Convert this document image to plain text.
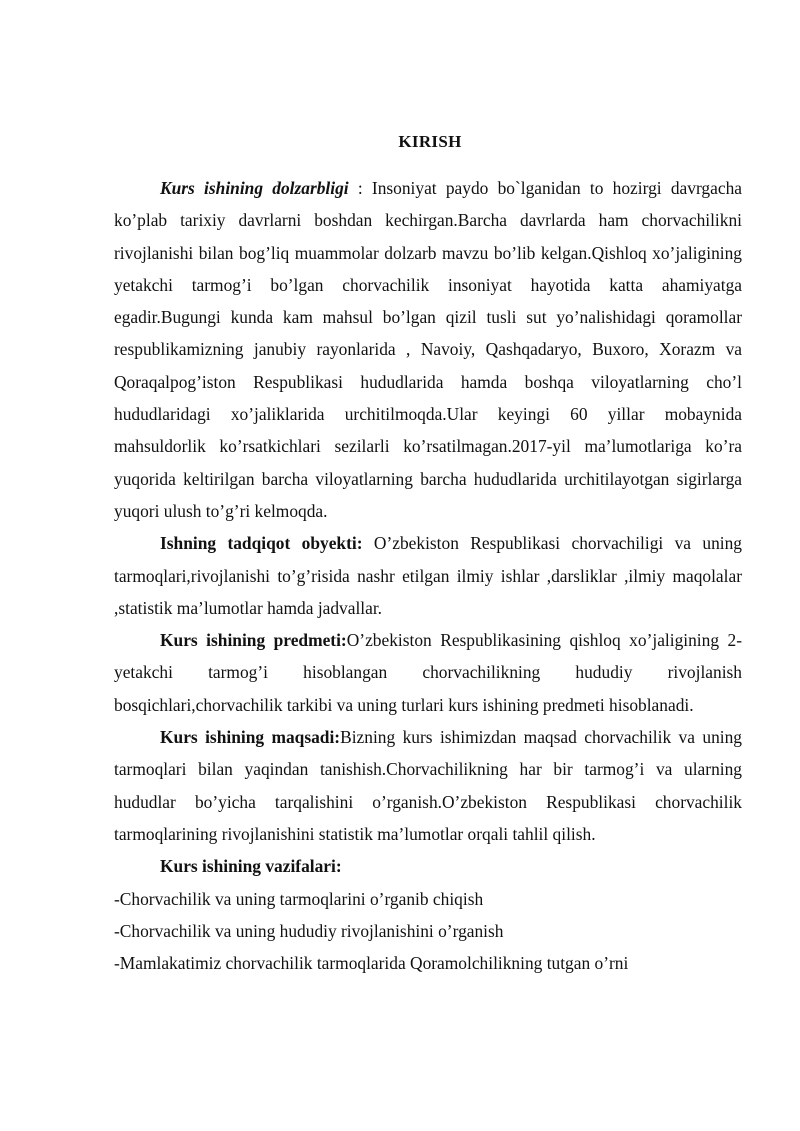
KIRISH

Kurs ishining dolzarbligi : Insoniyat paydo bo`lganidan to hozirgi davrgacha ko’plab tarixiy davrlarni boshdan kechirgan.Barcha davrlarda ham chorvachilikni rivojlanishi bilan bog’liq muammolar dolzarb mavzu bo’lib kelgan.Qishloq xo’jaligining yetakchi tarmog’i bo’lgan chorvachilik insoniyat hayotida katta ahamiyatga egadir.Bugungi kunda kam mahsul bo’lgan qizil tusli sut yo’nalishidagi qoramollar respublikamizning janubiy rayonlarida , Navoiy, Qashqadaryo, Buxoro, Xorazm va Qoraqalpog’iston Respublikasi hududlarida hamda boshqa viloyatlarning cho’l hududlaridagi xo’jaliklarida urchitilmoqda.Ular keyingi 60 yillar mobaynida mahsuldorlik ko’rsatkichlari sezilarli ko’rsatilmagan.2017-yil ma’lumotlariga ko’ra yuqorida keltirilgan barcha viloyatlarning barcha hududlarida urchitilayotgan sigirlarga yuqori ulush to’g’ri kelmoqda.

Ishning tadqiqot obyekti: O’zbekiston Respublikasi chorvachiligi va uning tarmoqlari,rivojlanishi to’g’risida nashr etilgan ilmiy ishlar ,darsliklar ,ilmiy maqolalar ,statistik ma’lumotlar hamda jadvallar.

Kurs ishining predmeti:O’zbekiston Respublikasining qishloq xo’jaligining 2-yetakchi tarmog’i hisoblangan chorvachilikning hududiy rivojlanish bosqichlari,chorvachilik tarkibi va uning turlari kurs ishining predmeti hisoblanadi.

Kurs ishining maqsadi:Bizning kurs ishimizdan maqsad chorvachilik va uning tarmoqlari bilan yaqindan tanishish.Chorvachilikning har bir tarmog’i va ularning hududlar bo’yicha tarqalishini o’rganish.O’zbekiston Respublikasi chorvachilik tarmoqlarining rivojlanishini statistik ma’lumotlar orqali tahlil qilish.

Kurs ishining vazifalari:

-Chorvachilik va uning tarmoqlarini o’rganib chiqish

-Chorvachilik va uning hududiy rivojlanishini o’rganish

-Mamlakatimiz chorvachilik tarmoqlarida Qoramolchilikning tutgan o’rni
